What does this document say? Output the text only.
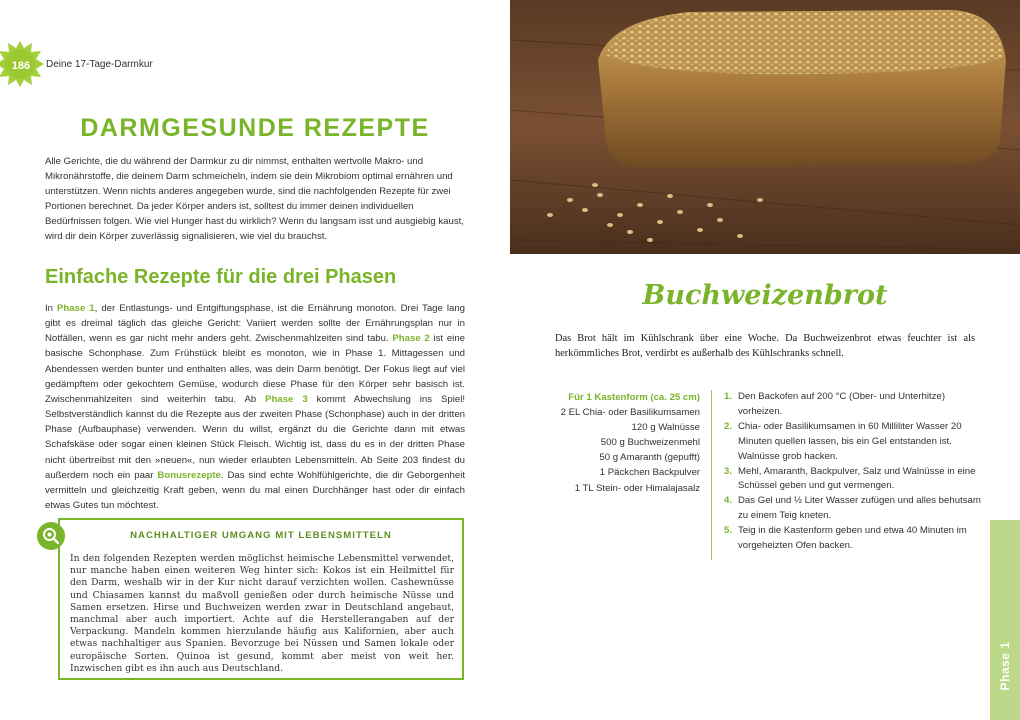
186	Deine 17-Tage-Darmkur
DARMGESUNDE REZEPTE

Alle Gerichte, die du während der Darmkur zu dir nimmst, enthalten wertvolle Makro- und Mikronährstoffe, die deinem Darm schmeicheln, indem sie dein Mikrobiom optimal ernähren und unterstützen. Wenn nichts anderes angegeben wurde, sind die nachfolgenden Rezepte für zwei Portionen berechnet. Da jeder Körper anders ist, solltest du immer deinen individuellen Bedürfnissen folgen. Wie viel Hunger hast du wirklich? Wenn du langsam isst und ausgiebig kaust, wird dir dein Körper zuverlässig signalisieren, wie viel du brauchst.

Einfache Rezepte für die drei Phasen

In Phase 1, der Entlastungs- und Entgiftungsphase, ist die Ernährung monoton. Drei Tage lang gibt es dreimal täglich das gleiche Gericht: Variiert werden sollte der Ernährungsplan nur in Notfällen, wenn es gar nicht mehr anders geht. Zwischenmahlzeiten sind tabu. Phase 2 ist eine basische Schonphase. Zum Frühstück bleibt es monoton, wie in Phase 1. Mittagessen und Abendessen werden bunter und enthalten alles, was dein Darm benötigt. Der Fokus liegt auf viel gedämpftem oder gekochtem Gemüse, wodurch diese Phase für den Körper sehr basisch ist. Zwischenmahlzeiten sind weiterhin tabu. Ab Phase 3 kommt Abwechslung ins Spiel! Selbstverständlich kannst du die Rezepte aus der zweiten Phase (Schonphase) auch in der dritten Phase (Aufbauphase) verwenden. Wenn du willst, ergänzt du die Gerichte dann mit etwas Schafskäse oder sogar einen kleinen Stück Fleisch. Wichtig ist, dass du es in der dritten Phase nicht übertreibst mit den »neuen«, nun wieder erlaubten Lebensmitteln. Ab Seite 203 findest du außerdem noch ein paar Bonusrezepte. Das sind echte Wohlfühlgerichte, die dir Geborgenheit vermitteln und gleichzeitig Kraft geben, wenn du mal einen Durchhänger hast oder dir einfach etwas Gutes tun möchtest.

NACHHALTIGER UMGANG MIT LEBENSMITTELN

In den folgenden Rezepten werden möglichst heimische Lebensmittel verwendet, nur manche haben einen weiteren Weg hinter sich: Kokos ist ein Heilmittel für den Darm, weshalb wir in der Kur nicht darauf verzichten wollen. Cashewnüsse und Chiasamen kannst du maßvoll genießen oder durch heimische Nüsse und Samen ersetzen. Hirse und Buchweizen werden zwar in Deutschland angebaut, manchmal aber auch importiert. Achte auf die Herstellerangaben auf der Verpackung. Mandeln kommen hierzulande häufig aus Kalifornien, aber auch etwas nachhaltiger aus Spanien. Bevorzuge bei Nüssen und Samen lokale oder europäische Sorten. Quinoa ist gesund, kommt aber meist von weit her. Inzwischen gibt es ihn auch aus Deutschland.

Buchweizenbrot

Das Brot hält im Kühlschrank über eine Woche. Da Buchweizenbrot etwas feuchter ist als herkömmliches Brot, verdirbt es außerhalb des Kühlschranks schnell.

Für 1 Kastenform (ca. 25 cm)
2 EL Chia- oder Basilikumsamen
120 g Walnüsse
500 g Buchweizenmehl
50 g Amaranth (gepufft)
1 Päckchen Backpulver
1 TL Stein- oder Himalajasalz
1. Den Backofen auf 200 °C (Ober- und Unterhitze) vorheizen.
2. Chia- oder Basilikumsamen in 60 Milliliter Wasser 20 Minuten quellen lassen, bis ein Gel entstanden ist. Walnüsse grob hacken.
3. Mehl, Amaranth, Backpulver, Salz und Walnüsse in eine Schüssel geben und gut vermengen.
4. Das Gel und ½ Liter Wasser zufügen und alles behutsam zu einem Teig kneten.
5. Teig in die Kastenform geben und etwa 40 Minuten im vorgeheizten Ofen backen.
Phase 1
